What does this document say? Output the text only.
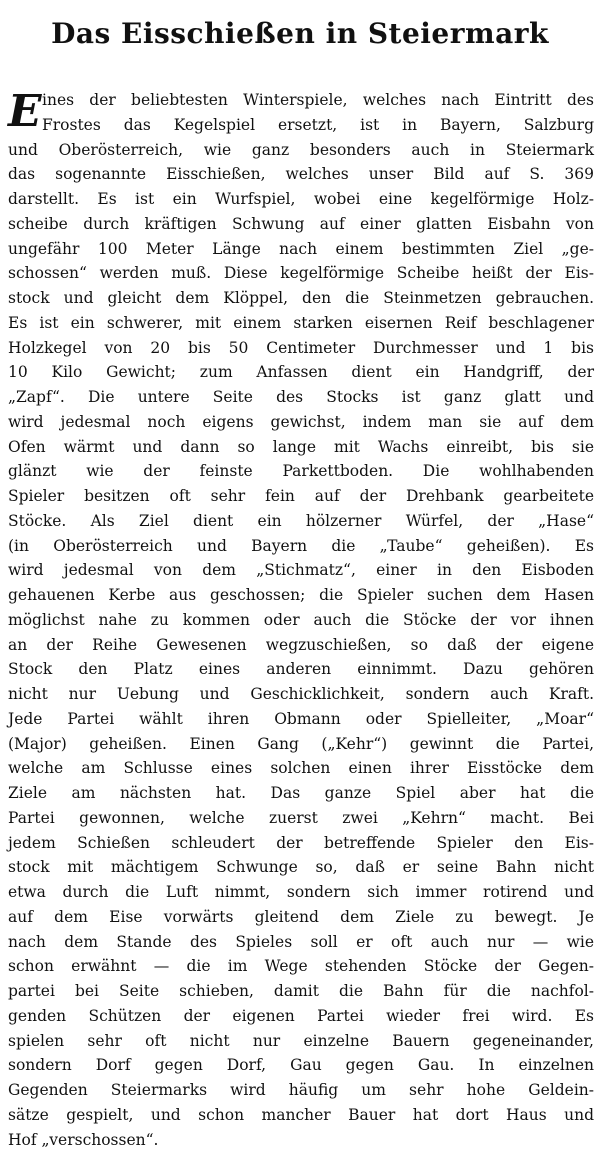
Das Eisschießen in Steiermark
E ines der beliebtesten Winterspiele, welches nach Eintritt des
Frostes das Kegelspiel ersetzt, ist in Bayern, Salzburg
und Oberösterreich, wie ganz besonders auch in Steiermark
das sogenannte Eisschießen, welches unser Bild auf S. 369
darstellt. Es ist ein Wurfspiel, wobei eine kegelförmige Holz-
scheibe durch kräftigen Schwung auf einer glatten Eisbahn von
ungefähr 100 Meter Länge nach einem bestimmten Ziel „ge-
schossen“ werden muß. Diese kegelförmige Scheibe heißt der Eis-
stock und gleicht dem Klöppel, den die Steinmetzen gebrauchen.
Es ist ein schwerer, mit einem starken eisernen Reif beschlagener
Holzkegel von 20 bis 50 Centimeter Durchmesser und 1 bis
10 Kilo Gewicht; zum Anfassen dient ein Handgriff, der
„Zapf“. Die untere Seite des Stocks ist ganz glatt und
wird jedesmal noch eigens gewichst, indem man sie auf dem
Ofen wärmt und dann so lange mit Wachs einreibt, bis sie
glänzt wie der feinste Parkettboden. Die wohlhabenden
Spieler besitzen oft sehr fein auf der Drehbank gearbeitete
Stöcke. Als Ziel dient ein hölzerner Würfel, der „Hase“
(in Oberösterreich und Bayern die „Taube“ geheißen). Es
wird jedesmal von dem „Stichmatz“, einer in den Eisboden
gehauenen Kerbe aus geschossen; die Spieler suchen dem Hasen
möglichst nahe zu kommen oder auch die Stöcke der vor ihnen
an der Reihe Gewesenen wegzuschießen, so daß der eigene
Stock den Platz eines anderen einnimmt. Dazu gehören
nicht nur Uebung und Geschicklichkeit, sondern auch Kraft.
Jede Partei wählt ihren Obmann oder Spielleiter, „Moar“
(Major) geheißen. Einen Gang („Kehr“) gewinnt die Partei,
welche am Schlusse eines solchen einen ihrer Eisstöcke dem
Ziele am nächsten hat. Das ganze Spiel aber hat die
Partei gewonnen, welche zuerst zwei „Kehrn“ macht. Bei
jedem Schießen schleudert der betreffende Spieler den Eis-
stock mit mächtigem Schwunge so, daß er seine Bahn nicht
etwa durch die Luft nimmt, sondern sich immer rotirend und
auf dem Eise vorwärts gleitend dem Ziele zu bewegt. Je
nach dem Stande des Spieles soll er oft auch nur — wie
schon erwähnt — die im Wege stehenden Stöcke der Gegen-
partei bei Seite schieben, damit die Bahn für die nachfol-
genden Schützen der eigenen Partei wieder frei wird. Es
spielen sehr oft nicht nur einzelne Bauern gegeneinander,
sondern Dorf gegen Dorf, Gau gegen Gau. In einzelnen
Gegenden Steiermarks wird häufig um sehr hohe Geldein-
sätze gespielt, und schon mancher Bauer hat dort Haus und
Hof „verschossen“.
